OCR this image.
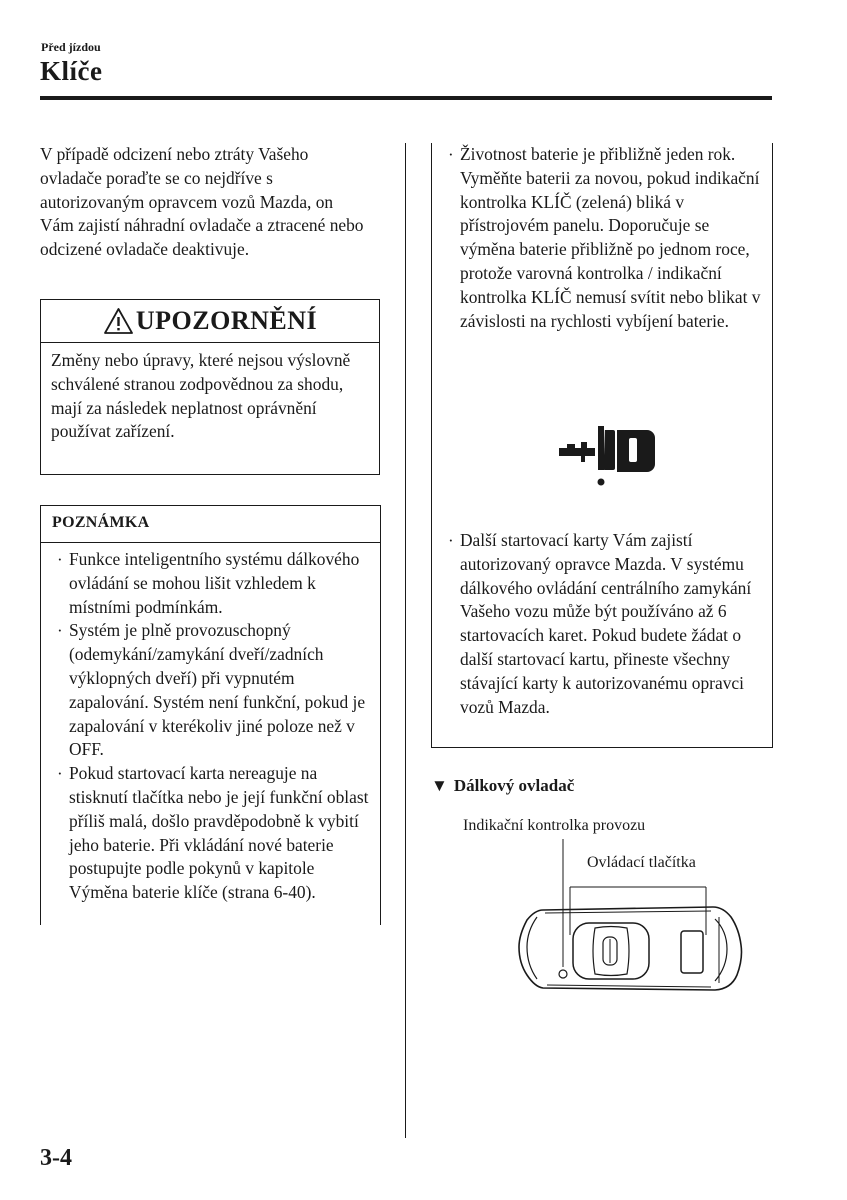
Před jízdou
Klíče
V případě odcizení nebo ztráty Vašeho ovladače poraďte se co nejdříve s autorizovaným opravcem vozů Mazda, on Vám zajistí náhradní ovladače a ztracené nebo odcizené ovladače deaktivuje.
UPOZORNĚNÍ
Změny nebo úpravy, které nejsou výslovně schválené stranou zodpovědnou za shodu, mají za následek neplatnost oprávnění používat zařízení.
POZNÁMKA
· Funkce inteligentního systému dálkového ovládání se mohou lišit vzhledem k místními podmínkám.
· Systém je plně provozuschopný (odemykání/zamykání dveří/zadních výklopných dveří) při vypnutém zapalování. Systém není funkční, pokud je zapalování v kterékoliv jiné poloze než v OFF.
· Pokud startovací karta nereaguje na stisknutí tlačítka nebo je její funkční oblast příliš malá, došlo pravděpodobně k vybití jeho baterie. Při vkládání nové baterie postupujte podle pokynů v kapitole Výměna baterie klíče (strana 6-40).
· Životnost baterie je přibližně jeden rok. Vyměňte baterii za novou, pokud indikační kontrolka KLÍČ (zelená) bliká v přístrojovém panelu. Doporučuje se výměna baterie přibližně po jednom roce, protože varovná kontrolka / indikační kontrolka KLÍČ nemusí svítit nebo blikat v závislosti na rychlosti vybíjení baterie.
· Další startovací karty Vám zajistí autorizovaný opravce Mazda. V systému dálkového ovládání centrálního zamykání Vašeho vozu může být používáno až 6 startovacích karet. Pokud budete žádat o další startovací kartu, přineste všechny stávající karty k autorizovanému opravci vozů Mazda.
▼ Dálkový ovladač
Indikační kontrolka provozu
Ovládací tlačítka
3-4
